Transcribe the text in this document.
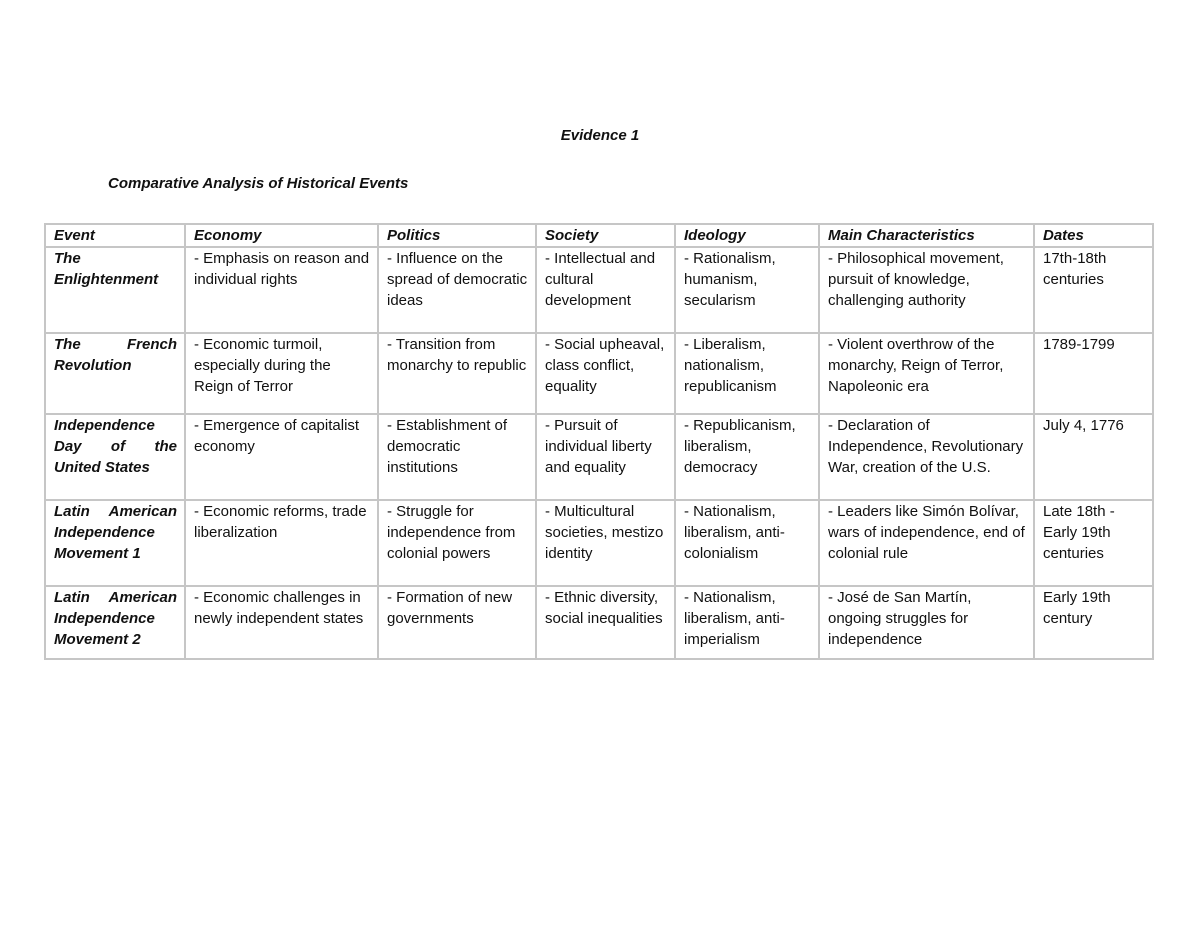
Evidence 1
Comparative Analysis of Historical Events
Event	Economy	Politics	Society	Ideology	Main Characteristics	Dates
The Enlightenment	- Emphasis on reason and individual rights	- Influence on the spread of democratic ideas	- Intellectual and cultural development	- Rationalism, humanism, secularism	- Philosophical movement, pursuit of knowledge, challenging authority	17th-18th centuries
The French Revolution	- Economic turmoil, especially during the Reign of Terror	- Transition from monarchy to republic	- Social upheaval, class conflict, equality	- Liberalism, nationalism, republicanism	- Violent overthrow of the monarchy, Reign of Terror, Napoleonic era	1789-1799
Independence Day of the United States	- Emergence of capitalist economy	- Establishment of democratic institutions	- Pursuit of individual liberty and equality	- Republicanism, liberalism, democracy	- Declaration of Independence, Revolutionary War, creation of the U.S.	July 4, 1776
Latin American Independence Movement 1	- Economic reforms, trade liberalization	- Struggle for independence from colonial powers	- Multicultural societies, mestizo identity	- Nationalism, liberalism, anti-colonialism	- Leaders like Simón Bolívar, wars of independence, end of colonial rule	Late 18th - Early 19th centuries
Latin American Independence Movement 2	- Economic challenges in newly independent states	- Formation of new governments	- Ethnic diversity, social inequalities	- Nationalism, liberalism, anti-imperialism	- José de San Martín, ongoing struggles for independence	Early 19th century
